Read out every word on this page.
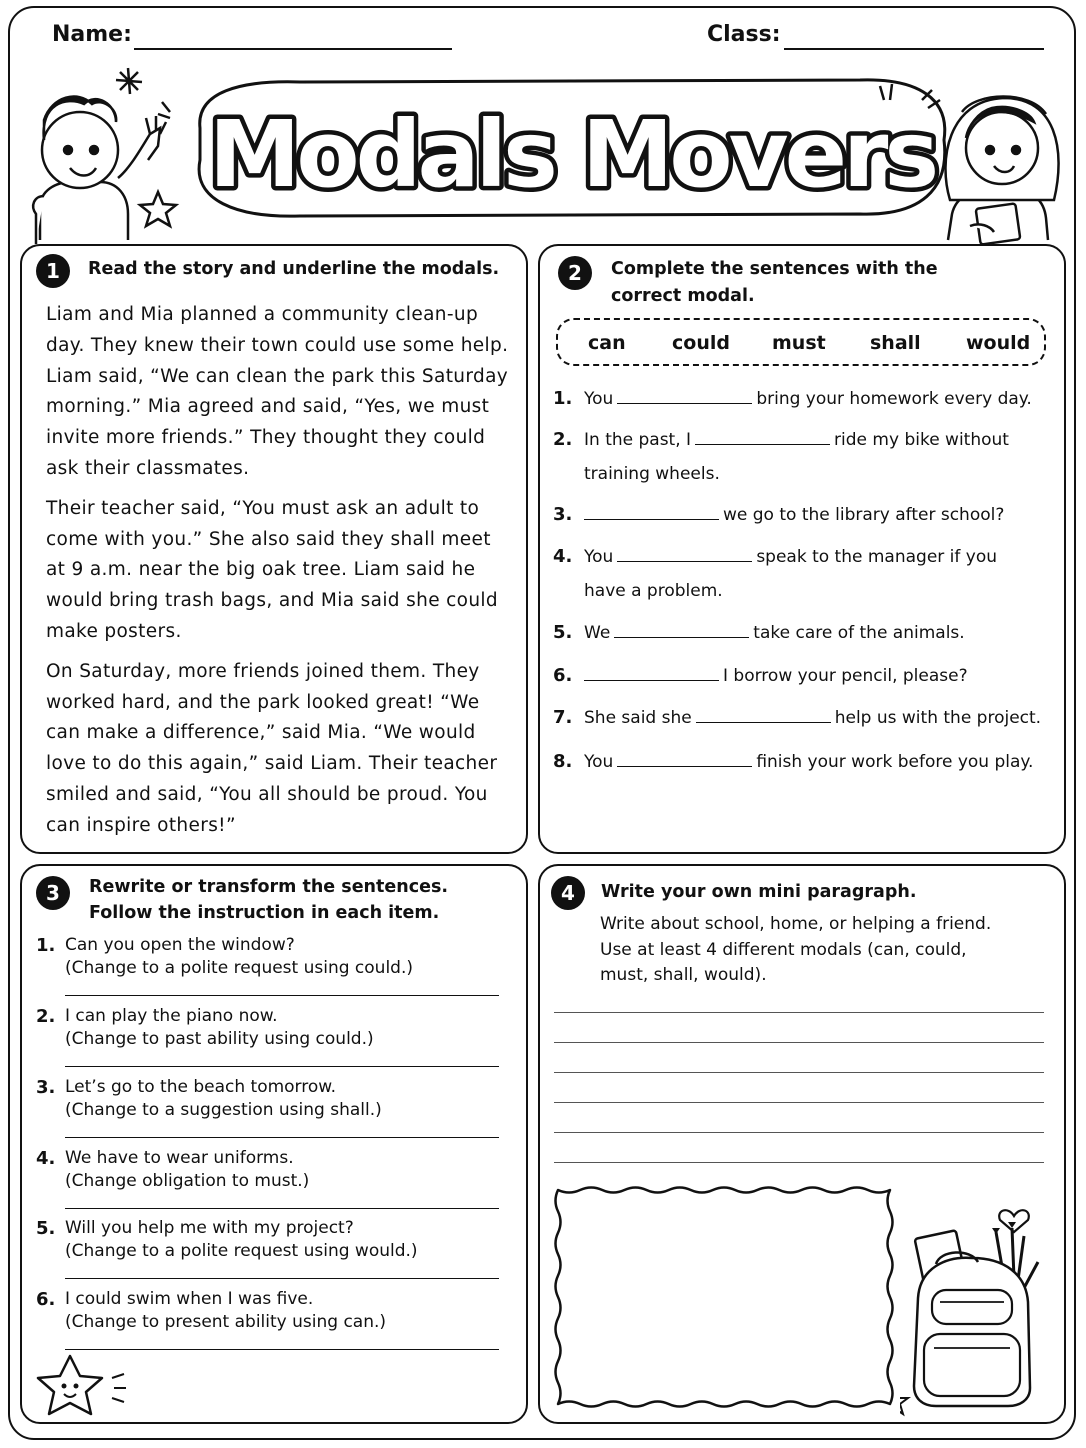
Name:	Class:
Modals Movers
1	Read the story and underline the modals.

Liam and Mia planned a community clean-up day. They knew their town could use some help. Liam said, “We can clean the park this Saturday morning.” Mia agreed and said, “Yes, we must invite more friends.” They thought they could ask their classmates.

Their teacher said, “You must ask an adult to come with you.” She also said they shall meet at 9 a.m. near the big oak tree. Liam said he would bring trash bags, and Mia said she could make posters.

On Saturday, more friends joined them. They worked hard, and the park looked great! “We can make a difference,” said Mia. “We would love to do this again,” said Liam. Their teacher smiled and said, “You all should be proud. You can inspire others!”

2	Complete the sentences with the
correct modal.
can could must shall would
1. You	bring your homework every day.
2. In the past, I	ride my bike without
training wheels.
3.	we go to the library after school?
4. You	speak to the manager if you
have a problem.
5. We	take care of the animals.
6.	I borrow your pencil, please?
7. She said she	help us with the project.
8. You	finish your work before you play.
3	Rewrite or transform the sentences.
Follow the instruction in each item.
1. Can you open the window?
(Change to a polite request using could.)
2. I can play the piano now.
(Change to past ability using could.)
3. Let’s go to the beach tomorrow.
(Change to a suggestion using shall.)
4. We have to wear uniforms.
(Change obligation to must.)
5. Will you help me with my project?
(Change to a polite request using would.)
6. I could swim when I was five.
(Change to present ability using can.)
4	Write your own mini paragraph.
Write about school, home, or helping a friend.
Use at least 4 different modals (can, could,
must, shall, would).
